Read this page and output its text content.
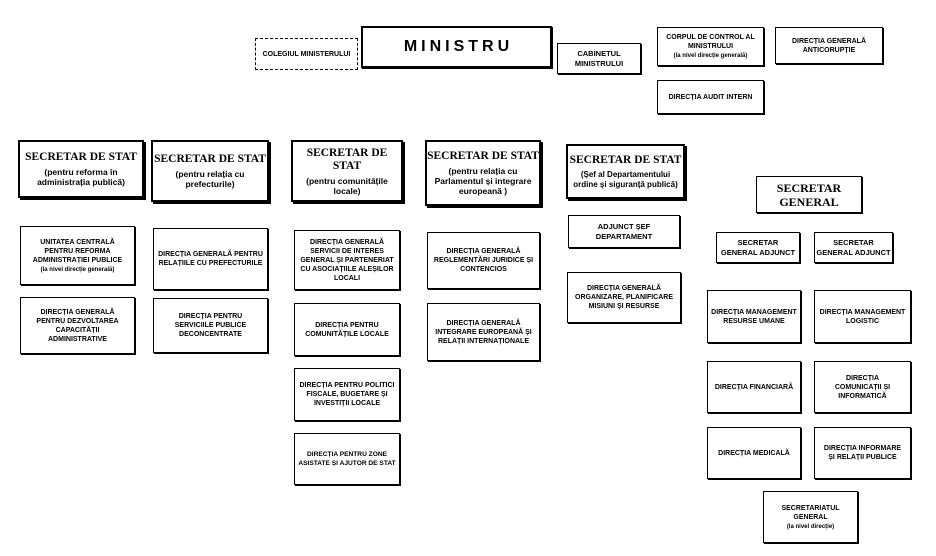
COLEGIUL MINISTERULUI	MINISTRU	CABINETUL
MINISTRULUI
CORPUL DE CONTROL AL
MINISTRULUI
(la nivel direcție generală)
DIRECȚIA GENERALĂ
ANTICORUPȚIE
DIRECȚIA AUDIT INTERN
SECRETAR DE STAT
(pentru reforma în
administrația publică)
UNITATEA CENTRALĂ
PENTRU REFORMA
ADMINISTRAȚIEI PUBLICE
(la nivel direcție generală)
DIRECȚIA GENERALĂ
PENTRU DEZVOLTAREA
CAPACITĂȚII
ADMINISTRATIVE
SECRETAR DE STAT
(pentru relația cu
prefecturile)
DIRECȚIA GENERALĂ PENTRU
RELAȚIILE CU PREFECTURILE
DIRECȚIA PENTRU
SERVICIILE PUBLICE
DECONCENTRATE
SECRETAR DE STAT
(pentru comunitățile
locale)
DIRECȚIA GENERALĂ
SERVICII DE INTERES
GENERAL ȘI PARTENERIAT
CU ASOCIAȚIILE ALEȘILOR
LOCALI
DIRECȚIA PENTRU
COMUNITĂȚILE LOCALE
DIRECȚIA PENTRU POLITICI
FISCALE, BUGETARE ȘI
INVESTIȚII LOCALE
DIRECȚIA PENTRU ZONE
ASISTATE ȘI AJUTOR DE STAT
SECRETAR DE STAT
(pentru relația cu
Parlamentul și integrare
europeană )
DIRECȚIA GENERALĂ
REGLEMENTĂRI JURIDICE ȘI
CONTENCIOS
DIRECȚIA GENERALĂ
INTEGRARE EUROPEANĂ ȘI
RELAȚII INTERNAȚIONALE
SECRETAR DE STAT
(Șef al Departamentului
ordine și siguranță publică)
ADJUNCT ȘEF
DEPARTAMENT
DIRECȚIA GENERALĂ
ORGANIZARE, PLANIFICARE
MISIUNI ȘI RESURSE
SECRETAR
GENERAL
SECRETAR
GENERAL ADJUNCT
SECRETAR
GENERAL ADJUNCT
DIRECȚIA MANAGEMENT
RESURSE UMANE
DIRECȚIA MANAGEMENT
LOGISTIC
DIRECȚIA FINANCIARĂ
DIRECȚIA
COMUNICAȚII ȘI
INFORMATICĂ
DIRECȚIA MEDICALĂ
DIRECȚIA INFORMARE
ȘI RELAȚII PUBLICE
SECRETARIATUL
GENERAL
(la nivel direcție)
